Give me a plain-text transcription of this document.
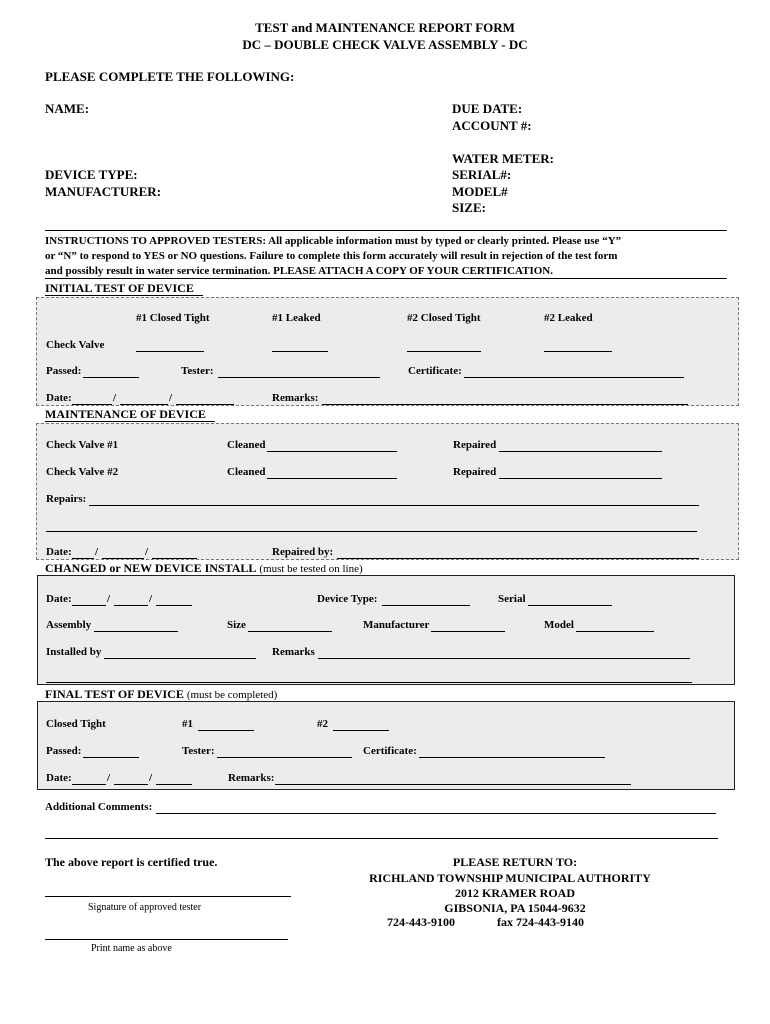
TEST and MAINTENANCE REPORT FORM
DC – DOUBLE CHECK VALVE ASSEMBLY - DC
PLEASE COMPLETE THE FOLLOWING:
NAME:	DUE DATE:
ACCOUNT #:
WATER METER:
DEVICE TYPE:	SERIAL#:
MANUFACTURER:	MODEL#
SIZE:
INSTRUCTIONS TO APPROVED TESTERS: All applicable information must by typed or clearly printed. Please use “Y”
or “N” to respond to YES or NO questions. Failure to complete this form accurately will result in rejection of the test form
and possibly result in water service termination. PLEASE ATTACH A COPY OF YOUR CERTIFICATION.
INITIAL TEST OF DEVICE
#1 Closed Tight	#1 Leaked	#2 Closed Tight	#2 Leaked
Check Valve
Passed:	Tester:	Certificate:
Date:	/	/	Remarks:
MAINTENANCE OF DEVICE
Check Valve #1	Cleaned	Repaired
Check Valve #2	Cleaned	Repaired
Repairs:
Date: /	/	Repaired by:
CHANGED or NEW DEVICE INSTALL (must be tested on line)
Date:	/	/	Device Type:	Serial
Assembly	Size	Manufacturer	Model
Installed by	Remarks
FINAL TEST OF DEVICE (must be completed)
Closed Tight	#1	#2
Passed:	Tester:	Certificate:
Date:	/	/	Remarks:
Additional Comments:
The above report is certified true.
Signature of approved tester
Print name as above
PLEASE RETURN TO:
RICHLAND TOWNSHIP MUNICIPAL AUTHORITY
2012 KRAMER ROAD
GIBSONIA, PA 15044-9632
724-443-9100	fax 724-443-9140
